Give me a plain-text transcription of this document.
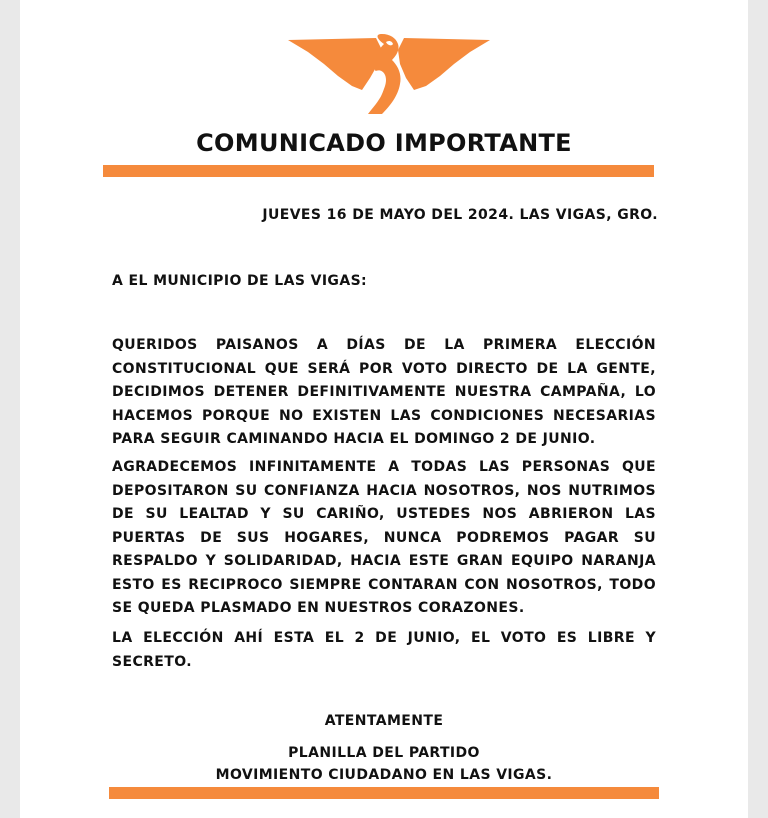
COMUNICADO IMPORTANTE
JUEVES 16 DE MAYO DEL 2024. LAS VIGAS, GRO.
A EL MUNICIPIO DE LAS VIGAS:
QUERIDOS PAISANOS A DÍAS DE LA PRIMERA ELECCIÓN
CONSTITUCIONAL QUE SERÁ POR VOTO DIRECTO DE LA GENTE,
DECIDIMOS DETENER DEFINITIVAMENTE NUESTRA CAMPAÑA, LO
HACEMOS PORQUE NO EXISTEN LAS CONDICIONES NECESARIAS
PARA SEGUIR CAMINANDO HACIA EL DOMINGO 2 DE JUNIO.
AGRADECEMOS INFINITAMENTE A TODAS LAS PERSONAS QUE
DEPOSITARON SU CONFIANZA HACIA NOSOTROS, NOS NUTRIMOS
DE SU LEALTAD Y SU CARIÑO, USTEDES NOS ABRIERON LAS
PUERTAS DE SUS HOGARES, NUNCA PODREMOS PAGAR SU
RESPALDO Y SOLIDARIDAD, HACIA ESTE GRAN EQUIPO NARANJA
ESTO ES RECIPROCO SIEMPRE CONTARAN CON NOSOTROS, TODO
SE QUEDA PLASMADO EN NUESTROS CORAZONES.
LA ELECCIÓN AHÍ ESTA EL 2 DE JUNIO, EL VOTO ES LIBRE Y
SECRETO.
ATENTAMENTE
PLANILLA DEL PARTIDO
MOVIMIENTO CIUDADANO EN LAS VIGAS.
